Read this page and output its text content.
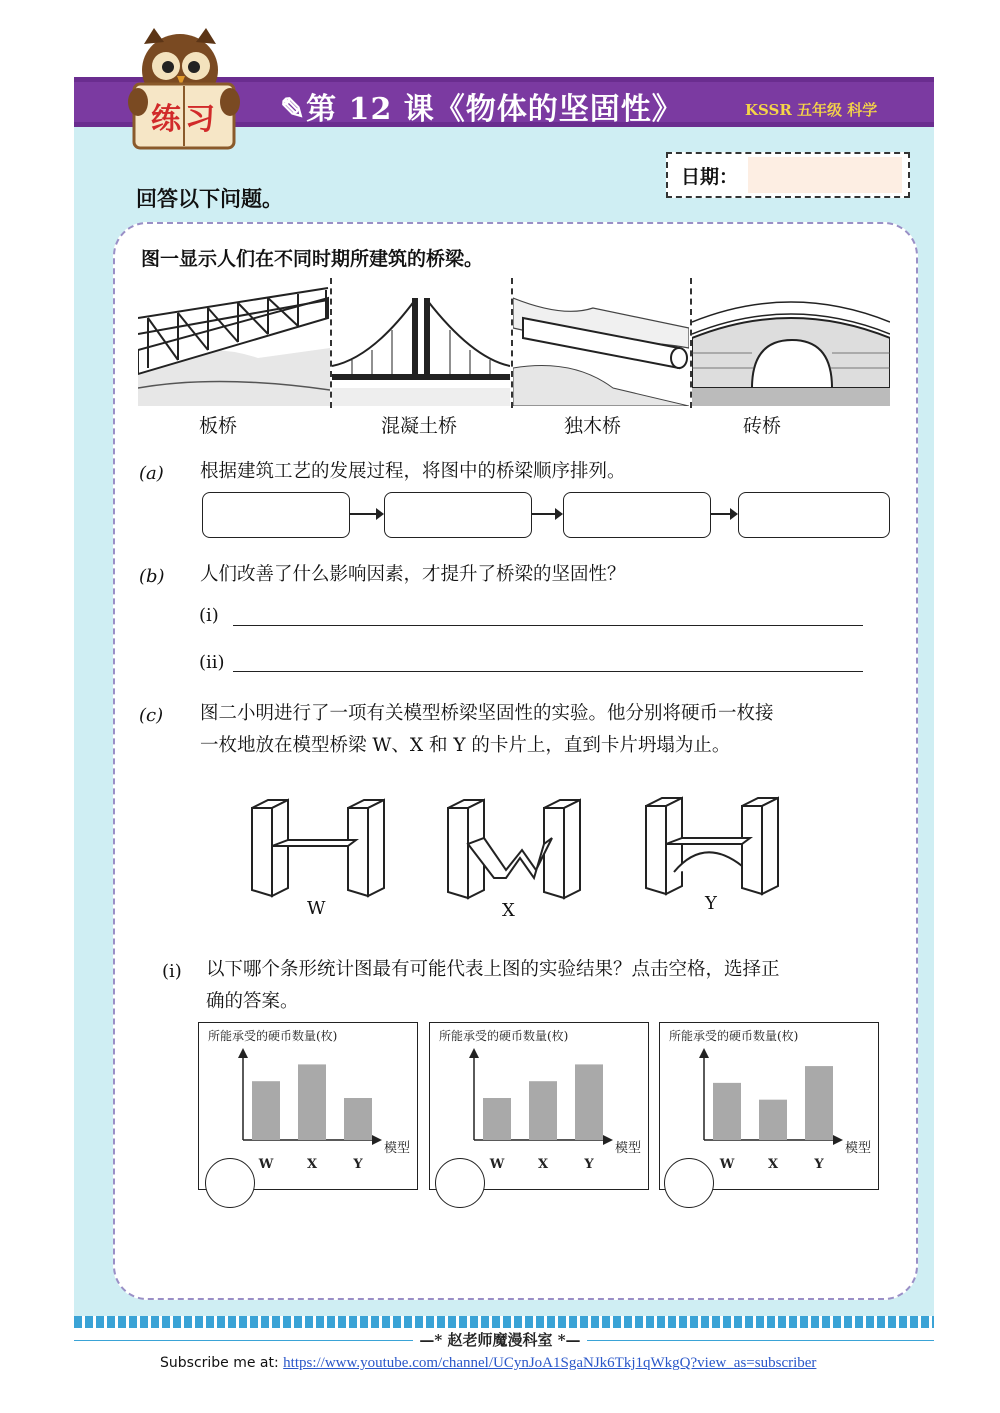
✎第 12 课《物体的坚固性》	KSSR 五年级 科学
练习
日期：
回答以下问题。
图一显示人们在不同时期所建筑的桥梁。
板桥	混凝土桥	独木桥	砖桥
(a) 根据建筑工艺的发展过程，将图中的桥梁顺序排列。
(b) 人们改善了什么影响因素，才提升了桥梁的坚固性？
(i)
(ii)
(c) 图二小明进行了一项有关模型桥梁坚固性的实验。他分别将硬币一枚接
一枚地放在模型桥梁 W、X 和 Y 的卡片上，直到卡片坍塌为止。
W	X	Y
(i) 以下哪个条形统计图最有可能代表上图的实验结果？点击空格，选择正
确的答案。
所能承受的硬币数量(枚)
模型
W	X	Y
所能承受的硬币数量(枚)
模型
W	X	Y
所能承受的硬币数量(枚)
模型
W	X	Y
—* 赵老师魔漫科室 *—
Subscribe me at: https://www.youtube.com/channel/UCynJoA1SgaNJk6Tkj1qWkgQ?view_as=subscriber
